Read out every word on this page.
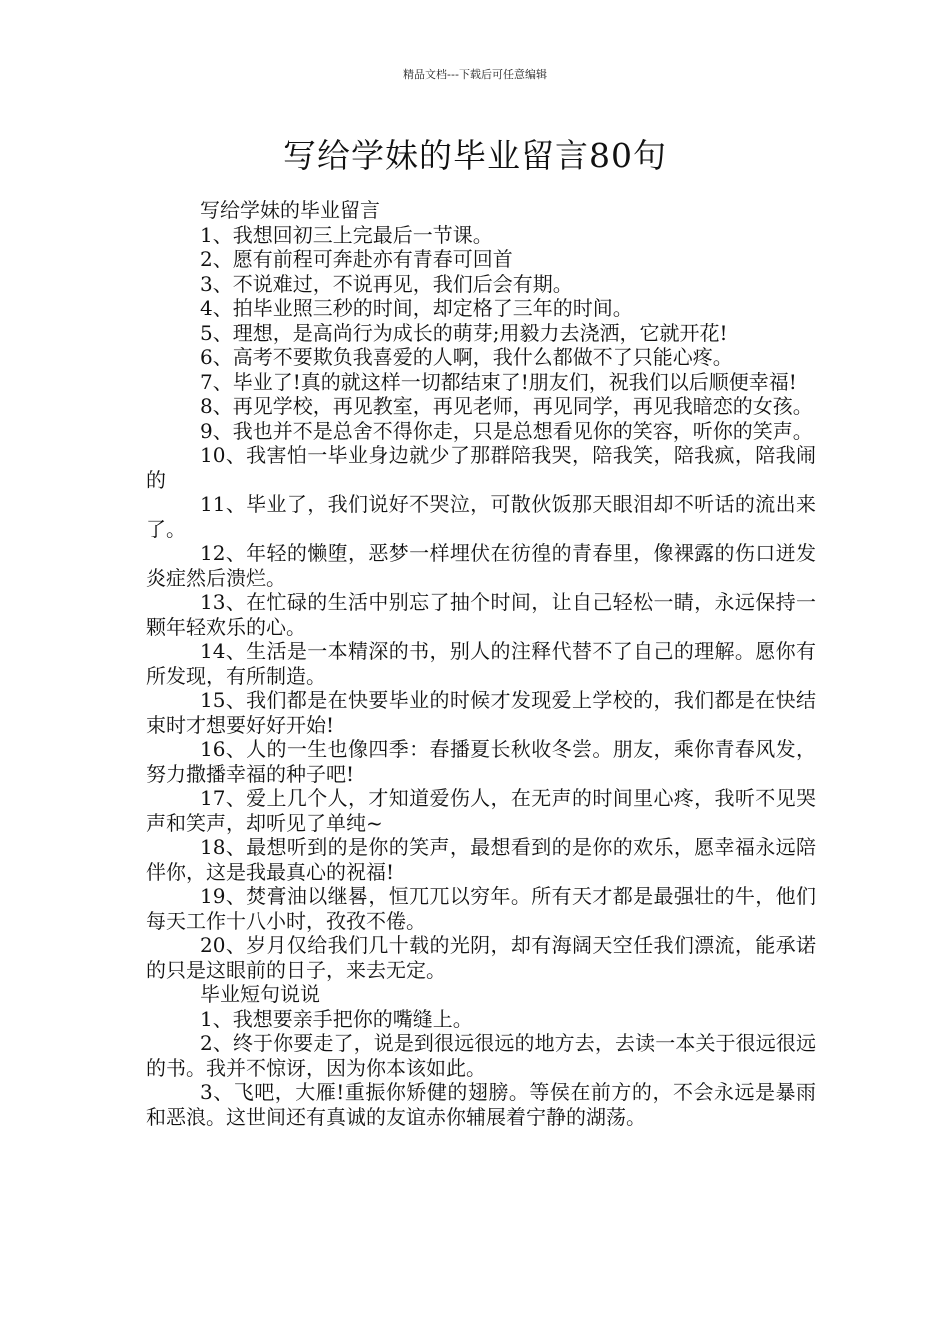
精品文档---下载后可任意编辑
写给学妹的毕业留言80句

写给学妹的毕业留言

1、我想回初三上完最后一节课。

2、愿有前程可奔赴亦有青春可回首

3、不说难过，不说再见，我们后会有期。

4、拍毕业照三秒的时间，却定格了三年的时间。

5、理想，是高尚行为成长的萌芽;用毅力去浇洒，它就开花!

6、高考不要欺负我喜爱的人啊，我什么都做不了只能心疼。

7、毕业了!真的就这样一切都结束了!朋友们，祝我们以后顺便幸福!

8、再见学校，再见教室，再见老师，再见同学，再见我暗恋的女孩。

9、我也并不是总舍不得你走，只是总想看见你的笑容，听你的笑声。

10、我害怕一毕业身边就少了那群陪我哭，陪我笑，陪我疯，陪我闹的

11、毕业了，我们说好不哭泣，可散伙饭那天眼泪却不听话的流出来了。

12、年轻的懒堕，恶梦一样埋伏在彷徨的青春里，像裸露的伤口迸发炎症然后溃烂。

13、在忙碌的生活中别忘了抽个时间，让自己轻松一睛，永远保持一颗年轻欢乐的心。

14、生活是一本精深的书，别人的注释代替不了自己的理解。愿你有所发现，有所制造。

15、我们都是在快要毕业的时候才发现爱上学校的，我们都是在快结束时才想要好好开始!

16、人的一生也像四季：春播夏长秋收冬尝。朋友，乘你青春风发，努力撒播幸福的种子吧!

17、爱上几个人，才知道爱伤人，在无声的时间里心疼，我听不见哭声和笑声，却听见了单纯~

18、最想听到的是你的笑声，最想看到的是你的欢乐，愿幸福永远陪伴你，这是我最真心的祝福!

19、焚膏油以继晷，恒兀兀以穷年。所有天才都是最强壮的牛，他们每天工作十八小时，孜孜不倦。

20、岁月仅给我们几十载的光阴，却有海阔天空任我们漂流，能承诺的只是这眼前的日子，来去无定。

毕业短句说说

1、我想要亲手把你的嘴缝上。

2、终于你要走了，说是到很远很远的地方去，去读一本关于很远很远的书。我并不惊讶，因为你本该如此。

3、飞吧，大雁!重振你矫健的翅膀。等侯在前方的，不会永远是暴雨和恶浪。这世间还有真诚的友谊赤你辅展着宁静的湖荡。
